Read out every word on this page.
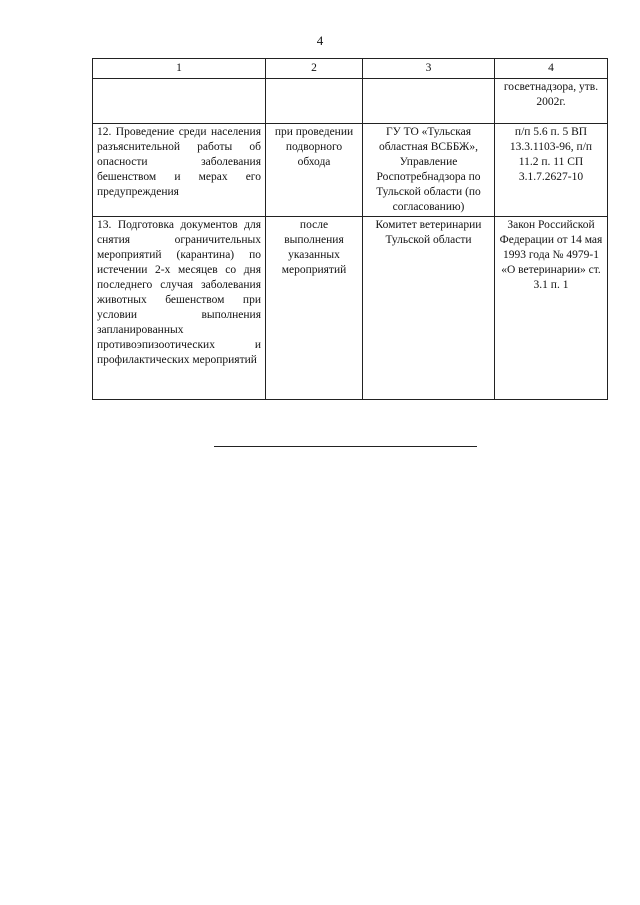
4
1	2	3	4
			госветнадзора, утв. 2002г.
12. Проведение среди населения разъяснительной работы об опасности заболевания бешенством и мерах его предупреждения	при проведении подворного обхода	ГУ ТО «Тульская областная ВСББЖ», Управление Роспотребнадзора по Тульской области (по согласованию)	п/п 5.6 п. 5 ВП 13.3.1103-96, п/п 11.2 п. 11 СП 3.1.7.2627-10
13. Подготовка документов для снятия ограничительных мероприятий (карантина) по истечении 2-х месяцев со дня последнего случая заболевания животных бешенством при условии выполнения запланированных противоэпизоотических и профилактических мероприятий	после выполнения указанных мероприятий	Комитет ветеринарии Тульской области	Закон Российской Федерации от 14 мая 1993 года № 4979-1 «О ветеринарии» ст. 3.1 п. 1
